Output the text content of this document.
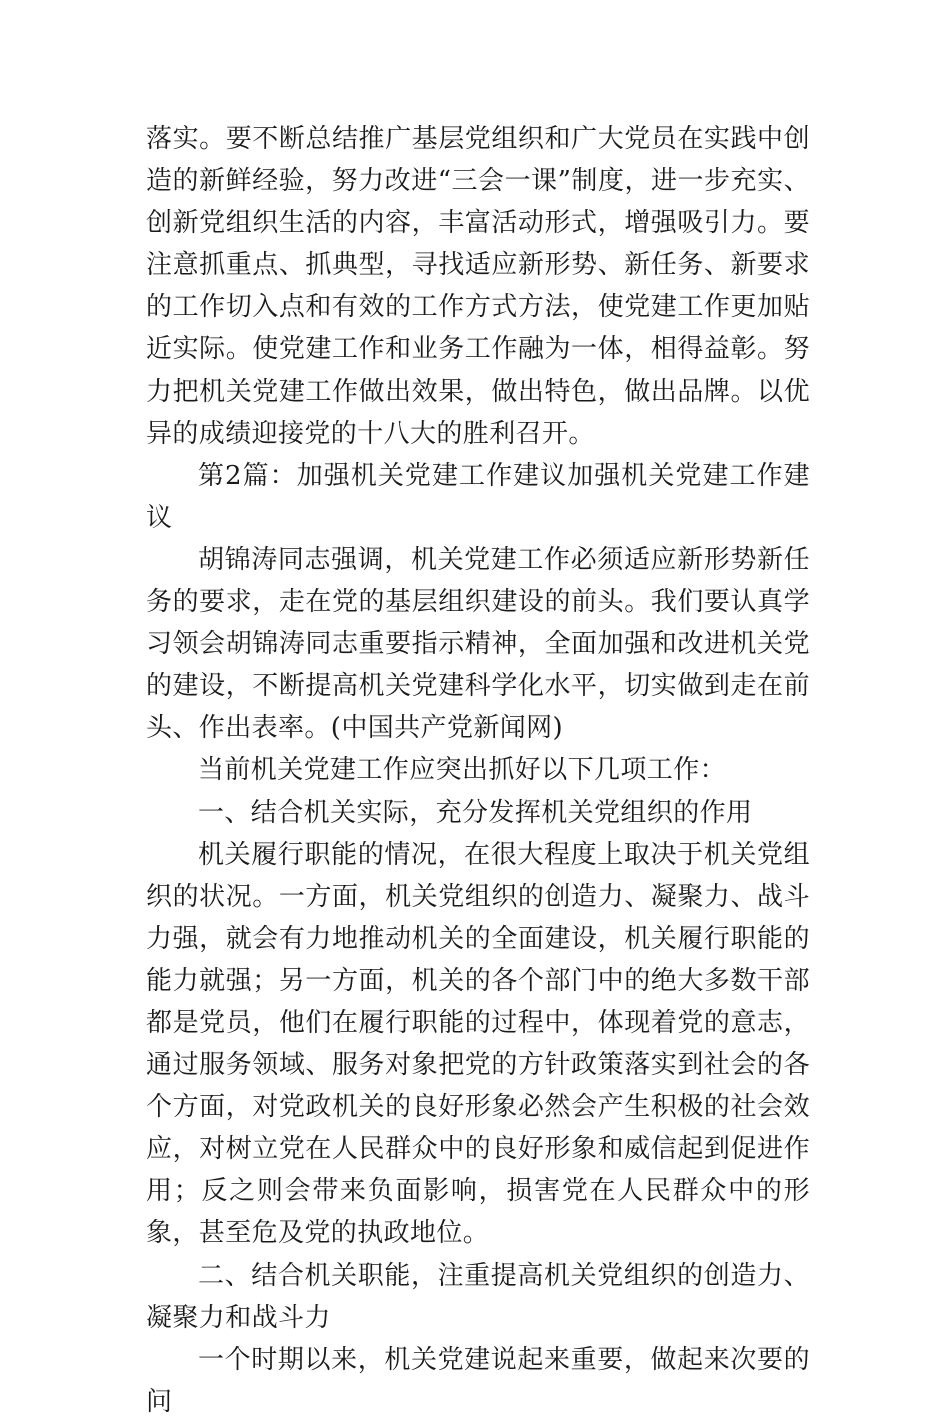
落实。要不断总结推广基层党组织和广大党员在实践中创造的新鲜经验，努力改进“三会一课”制度，进一步充实、创新党组织生活的内容，丰富活动形式，增强吸引力。要注意抓重点、抓典型，寻找适应新形势、新任务、新要求的工作切入点和有效的工作方式方法，使党建工作更加贴近实际。使党建工作和业务工作融为一体，相得益彰。努力把机关党建工作做出效果，做出特色，做出品牌。以优异的成绩迎接党的十八大的胜利召开。

第2篇：加强机关党建工作建议加强机关党建工作建议

胡锦涛同志强调，机关党建工作必须适应新形势新任务的要求，走在党的基层组织建设的前头。我们要认真学习领会胡锦涛同志重要指示精神，全面加强和改进机关党的建设，不断提高机关党建科学化水平，切实做到走在前头、作出表率。(中国共产党新闻网)

当前机关党建工作应突出抓好以下几项工作：

一、结合机关实际，充分发挥机关党组织的作用

机关履行职能的情况，在很大程度上取决于机关党组织的状况。一方面，机关党组织的创造力、凝聚力、战斗力强，就会有力地推动机关的全面建设，机关履行职能的能力就强；另一方面，机关的各个部门中的绝大多数干部都是党员，他们在履行职能的过程中，体现着党的意志，通过服务领域、服务对象把党的方针政策落实到社会的各个方面，对党政机关的良好形象必然会产生积极的社会效应，对树立党在人民群众中的良好形象和威信起到促进作用；反之则会带来负面影响，损害党在人民群众中的形象，甚至危及党的执政地位。

二、结合机关职能，注重提高机关党组织的创造力、凝聚力和战斗力

一个时期以来，机关党建说起来重要，做起来次要的问
